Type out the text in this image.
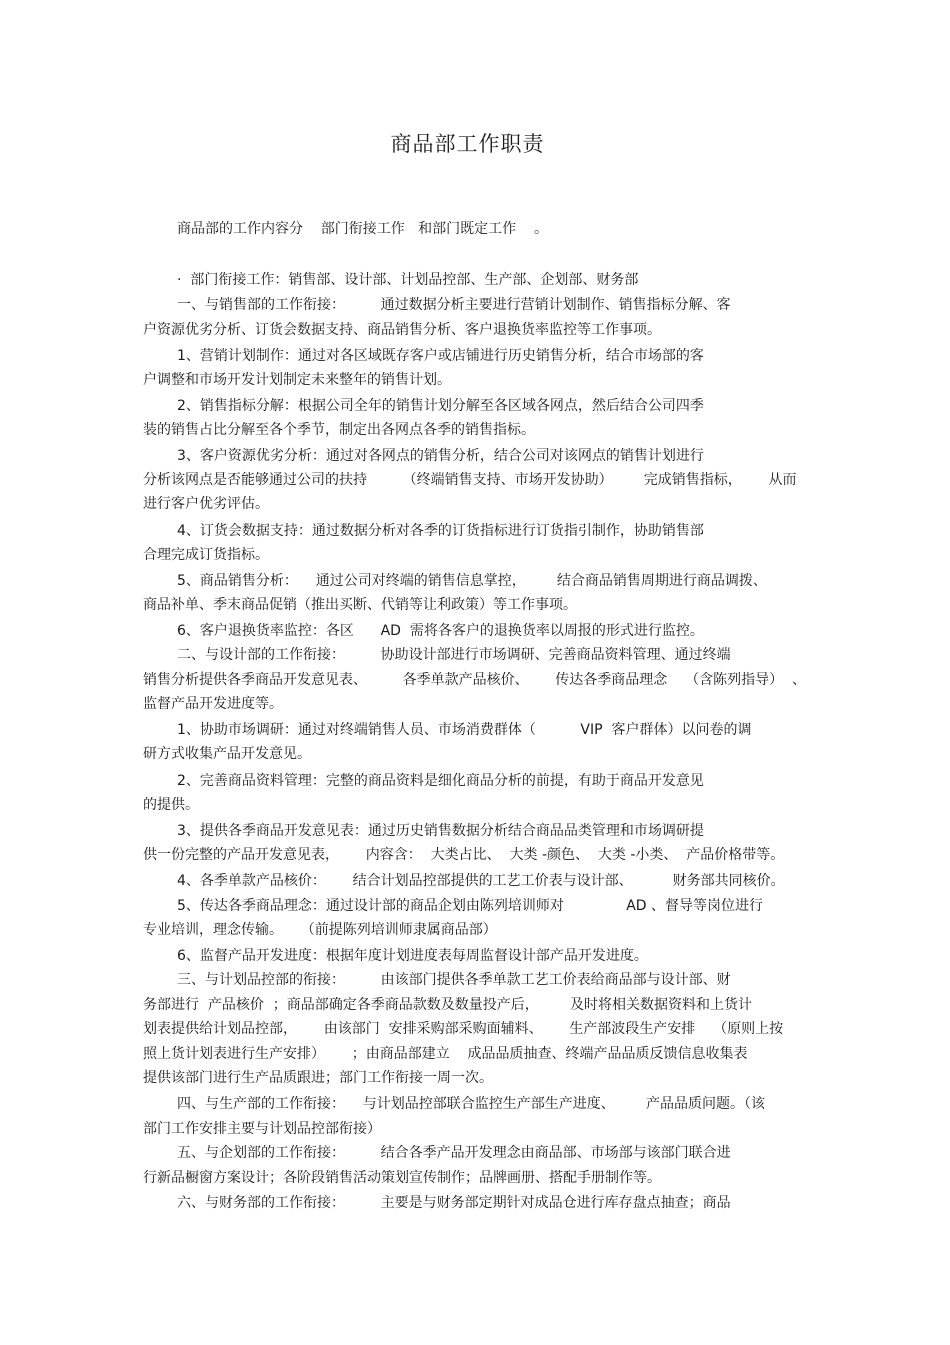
商品部工作职责
商品部的工作内容分    部门衔接工作   和部门既定工作    。
·  部门衔接工作：销售部、设计部、计划品控部、生产部、企划部、财务部
一、与销售部的工作衔接：        通过数据分析主要进行营销计划制作、销售指标分解、客
户资源优劣分析、订货会数据支持、商品销售分析、客户退换货率监控等工作事项。
1、营销计划制作：通过对各区域既存客户或店铺进行历史销售分析，结合市场部的客
户调整和市场开发计划制定未来整年的销售计划。
2、销售指标分解：根据公司全年的销售计划分解至各区域各网点，然后结合公司四季
装的销售占比分解至各个季节，制定出各网点各季的销售指标。
3、客户资源优劣分析：通过对各网点的销售分析，结合公司对该网点的销售计划进行
分析该网点是否能够通过公司的扶持        （终端销售支持、市场开发协助）       完成销售指标，      从而
进行客户优劣评估。
4、订货会数据支持：通过数据分析对各季的订货指标进行订货指引制作，协助销售部
合理完成订货指标。
5、商品销售分析：    通过公司对终端的销售信息掌控，       结合商品销售周期进行商品调拨、
商品补单、季末商品促销（推出买断、代销等让利政策）等工作事项。
6、客户退换货率监控：各区      AD  需将各客户的退换货率以周报的形式进行监控。
二、与设计部的工作衔接：        协助设计部进行市场调研、完善商品资料管理、通过终端
销售分析提供各季商品开发意见表、        各季单款产品核价、      传达各季商品理念    （含陈列指导）  、
监督产品开发进度等。
1、协助市场调研：通过对终端销售人员、市场消费群体（          VIP  客户群体）以问卷的调
研方式收集产品开发意见。
2、完善商品资料管理：完整的商品资料是细化商品分析的前提，有助于商品开发意见
的提供。
3、提供各季商品开发意见表：通过历史销售数据分析结合商品品类管理和市场调研提
供一份完整的产品开发意见表，      内容含：  大类占比、  大类 -颜色、  大类 -小类、  产品价格带等。
4、各季单款产品核价：      结合计划品控部提供的工艺工价表与设计部、         财务部共同核价。
5、传达各季商品理念：通过设计部的商品企划由陈列培训师对              AD 、督导等岗位进行
专业培训，理念传输。    （前提陈列培训师隶属商品部）
6、监督产品开发进度：根据年度计划进度表每周监督设计部产品开发进度。
三、与计划品控部的衔接：        由该部门提供各季单款工艺工价表给商品部与设计部、财
务部进行  产品核价  ；商品部确定各季商品款数及数量投产后，       及时将相关数据资料和上货计
划表提供给计划品控部，      由该部门  安排采购部采购面辅料、      生产部波段生产安排    （原则上按
照上货计划表进行生产安排）      ；由商品部建立    成品品质抽查、终端产品品质反馈信息收集表
提供该部门进行生产品质跟进；部门工作衔接一周一次。
四、与生产部的工作衔接：    与计划品控部联合监控生产部生产进度、       产品品质问题。（该
部门工作安排主要与计划品控部衔接）
五、与企划部的工作衔接：        结合各季产品开发理念由商品部、市场部与该部门联合进
行新品橱窗方案设计；各阶段销售活动策划宣传制作；品牌画册、搭配手册制作等。
六、与财务部的工作衔接：        主要是与财务部定期针对成品仓进行库存盘点抽查；商品
